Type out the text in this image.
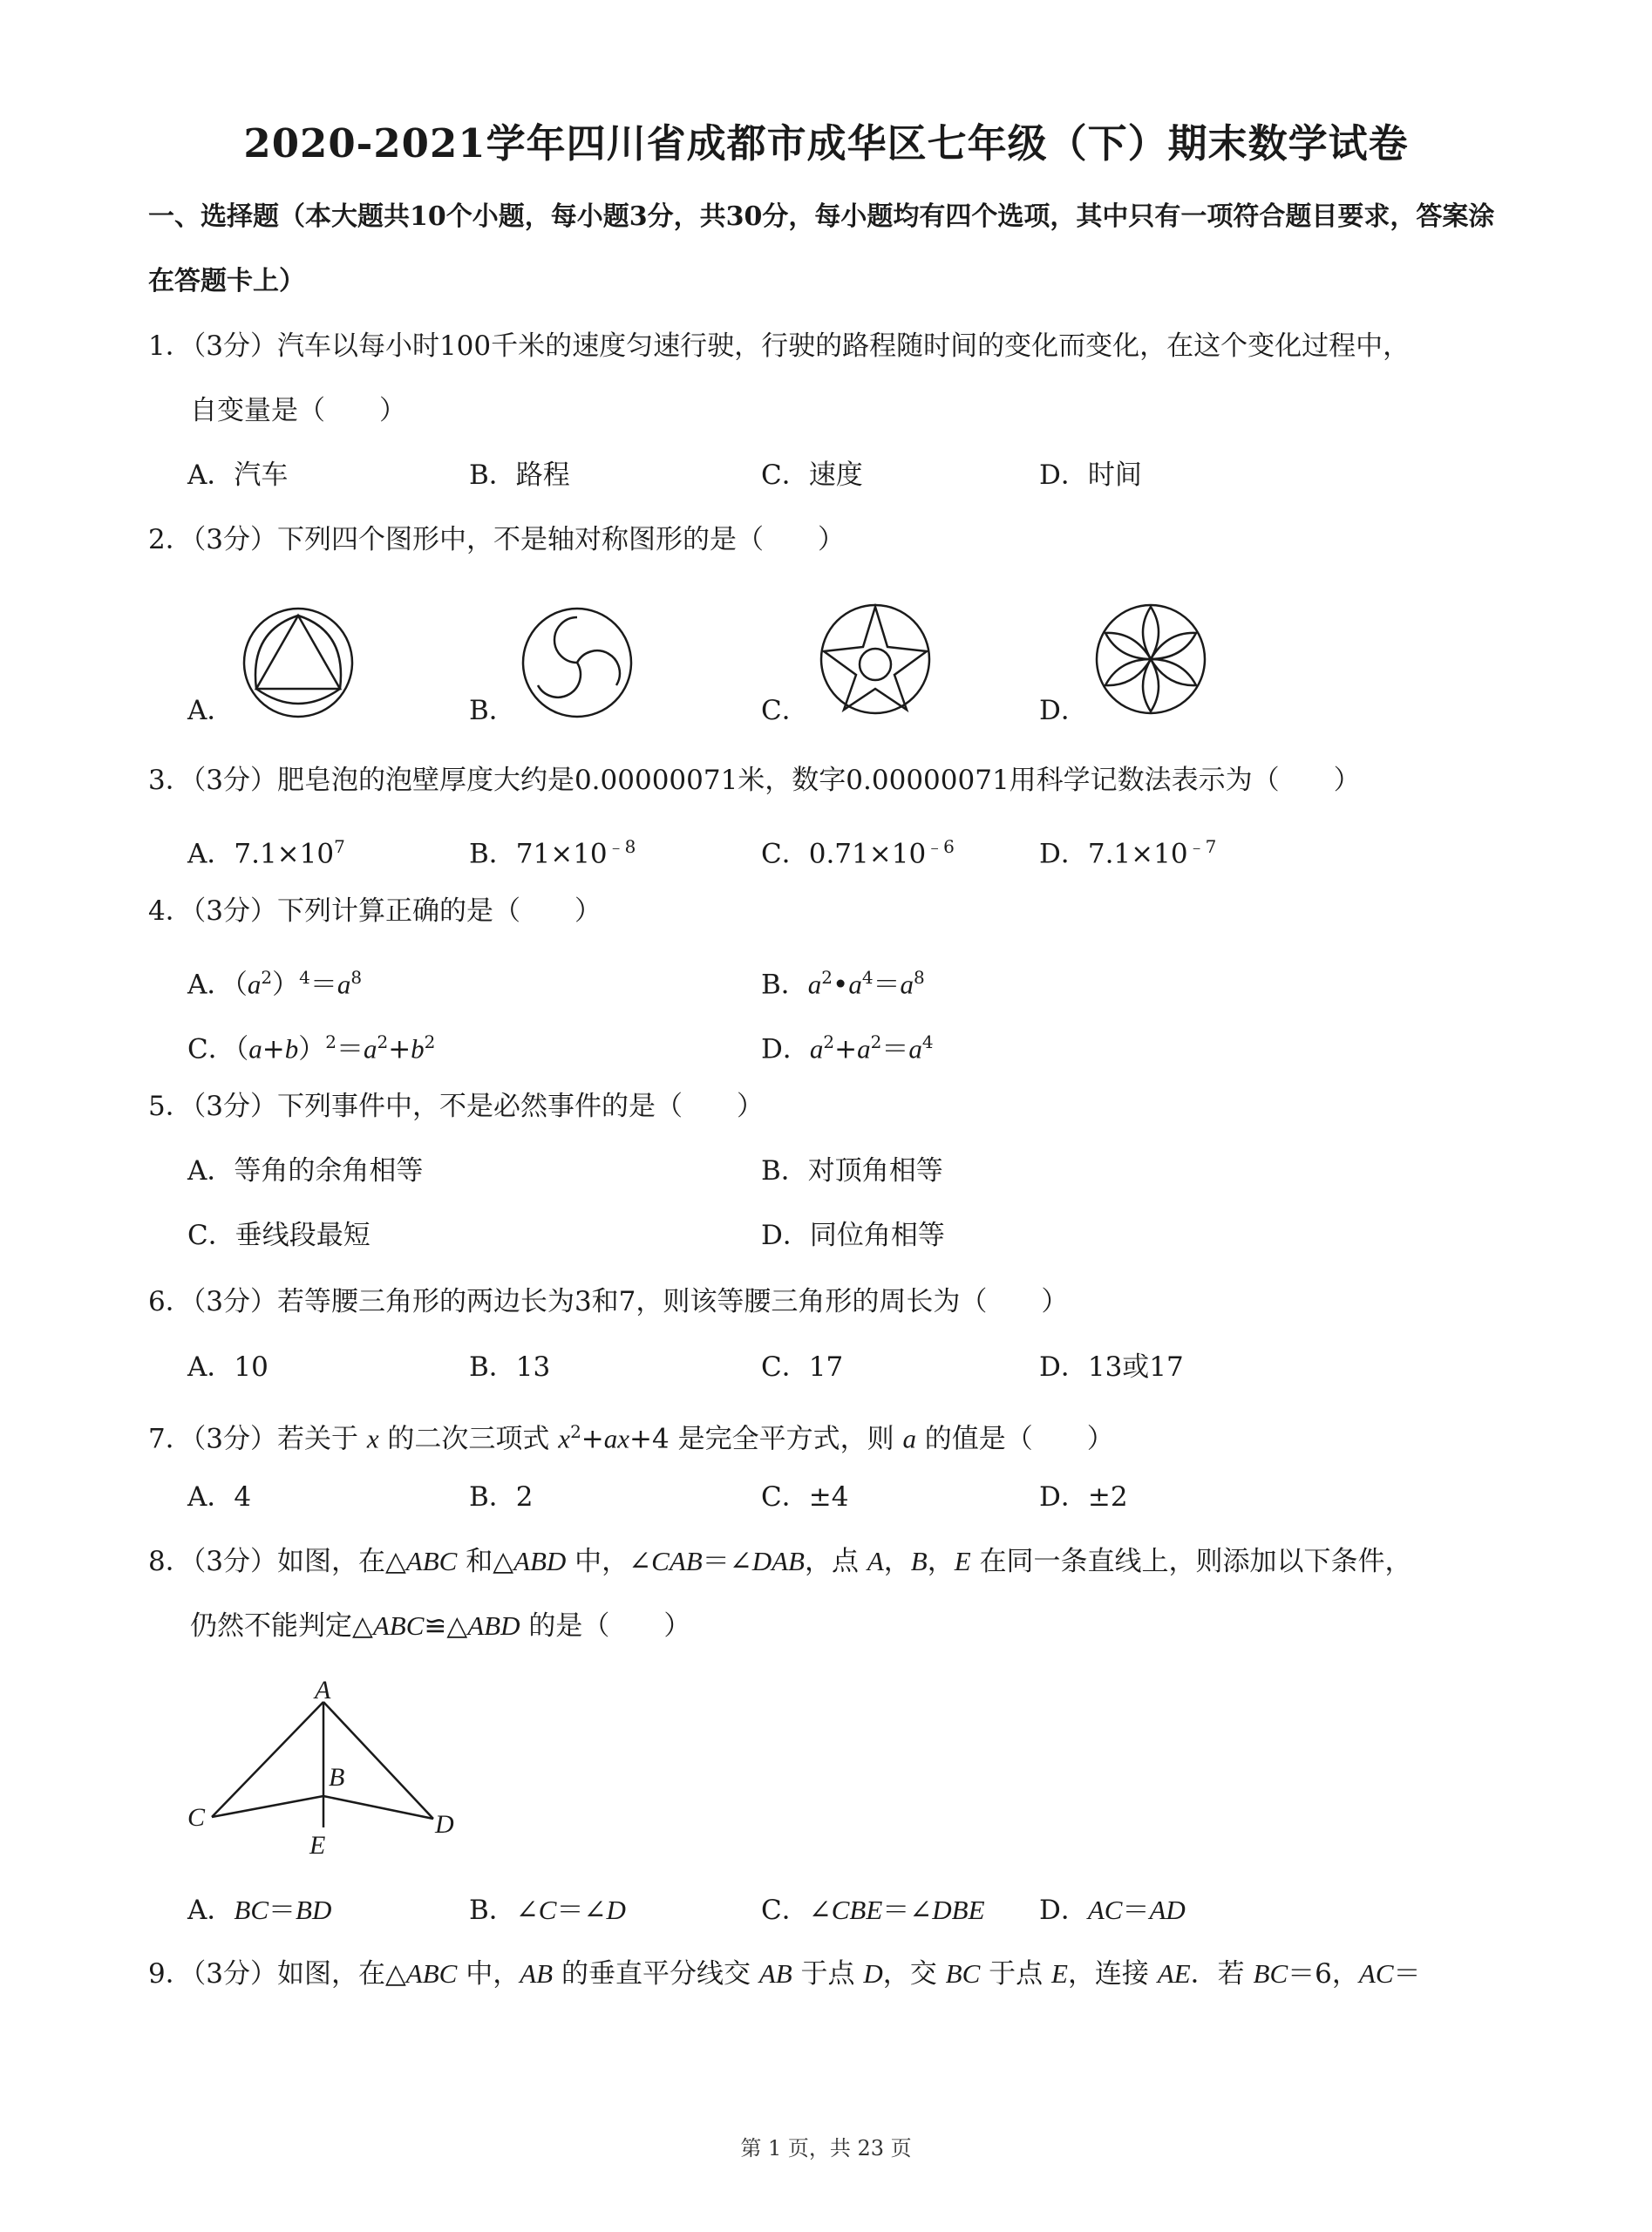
2020-2021学年四川省成都市成华区七年级（下）期末数学试卷
一、选择题（本大题共10个小题，每小题3分，共30分，每小题均有四个选项，其中只有一项符合题目要求，答案涂在答题卡上）
1．（3分）汽车以每小时100千米的速度匀速行驶，行驶的路程随时间的变化而变化，在这个变化过程中，
自变量是（　　）
A．汽车	B．路程	C．速度	D．时间
2．（3分）下列四个图形中，不是轴对称图形的是（　　）
A．	B．	C．	D．
3．（3分）肥皂泡的泡壁厚度大约是0.00000071米，数字0.00000071用科学记数法表示为（　　）
A．$7.1\times 10^7$	B．$71\times 10^{﹣8}$	C．$0.71\times 10^{﹣6}$	D．$7.1\times 10^{﹣7}$
4．（3分）下列计算正确的是（　　）
A．$(a^2)^4=a^8$	B．$a^2•a^4=a^8$
C．$(a+b)^2=a^2+b^2$	D．$a^2+a^2=a^4$
5．（3分）下列事件中，不是必然事件的是（　　）
A．等角的余角相等	B．对顶角相等
C．垂线段最短	D．同位角相等
6．（3分）若等腰三角形的两边长为3和7，则该等腰三角形的周长为（　　）
A．10	B．13	C．17	D．13或17
7．（3分）若关于 x 的二次三项式 $x^2+ax+4$ 是完全平方式，则 a 的值是（　　）
A．4	B．2	C．±4	D．±2
8．（3分）如图，在△ABC 和△ABD 中，∠CAB＝∠DAB，点 A，B，E 在同一条直线上，则添加以下条件，
仍然不能判定△ABC≌△ABD 的是（　　）
A
B
C	D
E
A．BC＝BD	B．∠C＝∠D	C．∠CBE＝∠DBE D．AC＝AD
9．（3分）如图，在△ABC 中，AB 的垂直平分线交 AB 于点 D，交 BC 于点 E，连接 AE．若 BC＝6，AC＝
第 1 页，共 23 页
